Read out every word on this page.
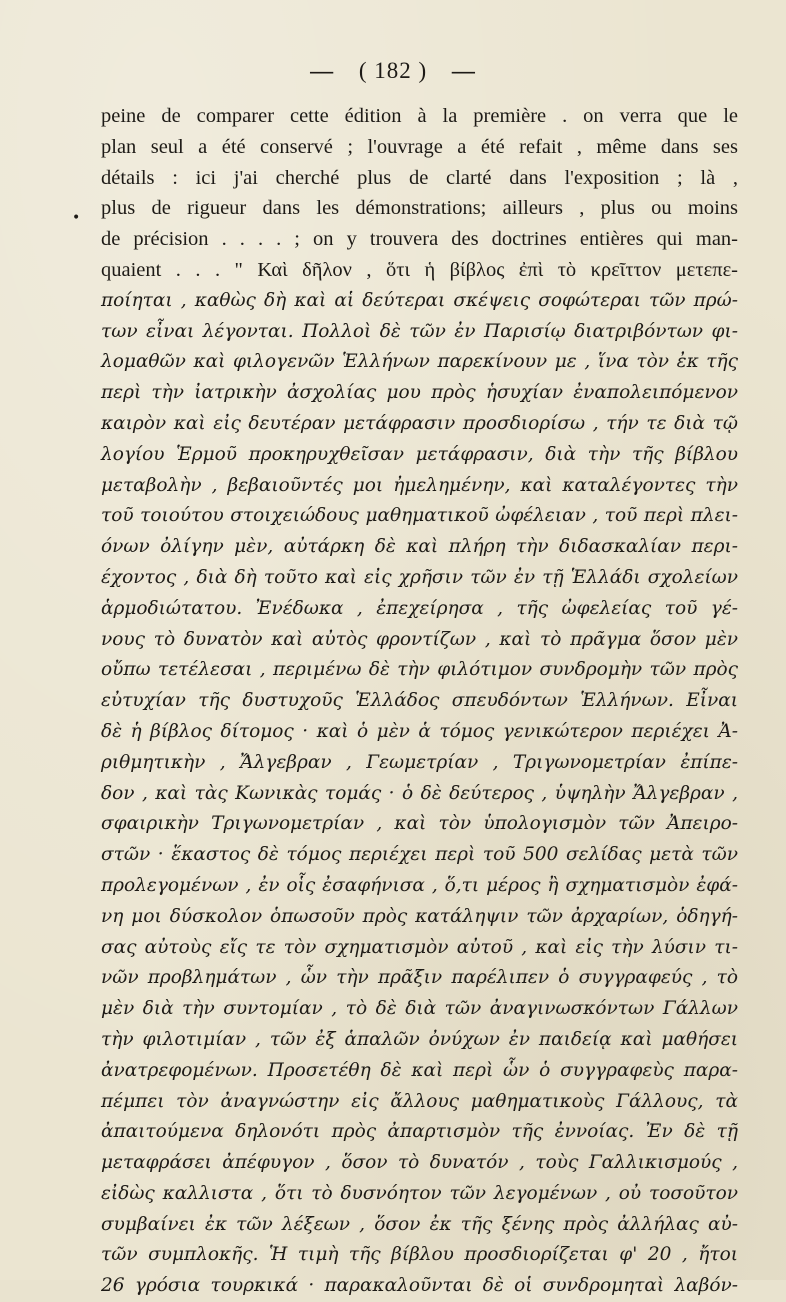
— ( 182 ) —
•
peine de comparer cette édition à la première . on verra que le
plan seul a été conservé ; l'ouvrage a été refait , même dans ses
détails : ici j'ai cherché plus de clarté dans l'exposition ; là ,
plus de rigueur dans les démonstrations; ailleurs , plus ou moins
de précision . . . . ; on y trouvera des doctrines entières qui man-
quaient . . . " Καὶ δῆλον , ὅτι ἡ βίβλος ἐπὶ τὸ κρεῖττον μετεπε-
ποίηται , καθὼς δὴ καὶ αἱ δεύτεραι σκέψεις σοφώτεραι τῶν πρώ-
των εἶναι λέγονται. Πολλοὶ δὲ τῶν ἐν Παρισίῳ διατριβόντων φι-
λομαθῶν καὶ φιλογενῶν Ἑλλήνων παρεκίνουν με , ἵνα τὸν ἐκ τῆς
περὶ τὴν ἰατρικὴν ἀσχολίας μου πρὸς ἡσυχίαν ἐναπολειπόμενον
καιρὸν καὶ εἰς δευτέραν μετάφρασιν προσδιορίσω , τήν τε διὰ τῷ
λογίου Ἑρμοῦ προκηρυχθεῖσαν μετάφρασιν, διὰ τὴν τῆς βίβλου
μεταβολὴν , βεβαιοῦντές μοι ἠμελημένην, καὶ καταλέγοντες τὴν
τοῦ τοιούτου στοιχειώδους μαθηματικοῦ ὠφέλειαν , τοῦ περὶ πλει-
όνων ὀλίγην μὲν, αὐτάρκη δὲ καὶ πλήρη τὴν διδασκαλίαν περι-
έχοντος , διὰ δὴ τοῦτο καὶ εἰς χρῆσιν τῶν ἐν τῇ Ἑλλάδι σχολείων
ἁρμοδιώτατου. Ἐνέδωκα , ἐπεχείρησα , τῆς ὠφελείας τοῦ γέ-
νους τὸ δυνατὸν καὶ αὐτὸς φροντίζων , καὶ τὸ πρᾶγμα ὅσον μὲν
οὔπω τετέλεσαι , περιμένω δὲ τὴν φιλότιμον συνδρομὴν τῶν πρὸς
εὐτυχίαν τῆς δυστυχοῦς Ἑλλάδος σπευδόντων Ἑλλήνων. Εἶναι
δὲ ἡ βίβλος δίτομος · καὶ ὁ μὲν ἁ τόμος γενικώτερον περιέχει Ἀ-
ριθμητικὴν , Ἄλγεβραν , Γεωμετρίαν , Τριγωνομετρίαν ἐπίπε-
δον , καὶ τὰς Κωνικὰς τομάς · ὁ δὲ δεύτερος , ὑψηλὴν Ἄλγεβραν ,
σφαιρικὴν Τριγωνομετρίαν , καὶ τὸν ὑπολογισμὸν τῶν Ἀπειρο-
στῶν · ἕκαστος δὲ τόμος περιέχει περὶ τοῦ 500 σελίδας μετὰ τῶν
προλεγομένων , ἐν οἷς ἐσαφήνισα , ὅ,τι μέρος ἢ σχηματισμὸν ἐφά-
νη μοι δύσκολον ὁπωσοῦν πρὸς κατάληψιν τῶν ἀρχαρίων, ὁδηγή-
σας αὐτοὺς εἴς τε τὸν σχηματισμὸν αὐτοῦ , καὶ εἰς τὴν λύσιν τι-
νῶν προβλημάτων , ὧν τὴν πρᾶξιν παρέλιπεν ὁ συγγραφεύς , τὸ
μὲν διὰ τὴν συντομίαν , τὸ δὲ διὰ τῶν ἀναγινωσκόντων Γάλλων
τὴν φιλοτιμίαν , τῶν ἐξ ἁπαλῶν ὀνύχων ἐν παιδείᾳ καὶ μαθήσει
ἀνατρεφομένων. Προσετέθη δὲ καὶ περὶ ὧν ὁ συγγραφεὺς παρα-
πέμπει τὸν ἀναγνώστην εἰς ἄλλους μαθηματικοὺς Γάλλους, τὰ
ἀπαιτούμενα δηλονότι πρὸς ἀπαρτισμὸν τῆς ἐννοίας. Ἐν δὲ τῇ
μεταφράσει ἀπέφυγον , ὅσον τὸ δυνατόν , τοὺς Γαλλικισμούς ,
εἰδὼς καλλιστα , ὅτι τὸ δυσνόητον τῶν λεγομένων , οὐ τοσοῦτον
συμβαίνει ἐκ τῶν λέξεων , ὅσον ἐκ τῆς ξένης πρὸς ἀλλήλας αὐ-
τῶν συμπλοκῆς. Ἡ τιμὴ τῆς βίβλου προσδιορίζεται φ' 20 , ἤτοι
26 γρόσια τουρκικά · παρακαλοῦνται δὲ οἱ συνδρομηταὶ λαβόν-
